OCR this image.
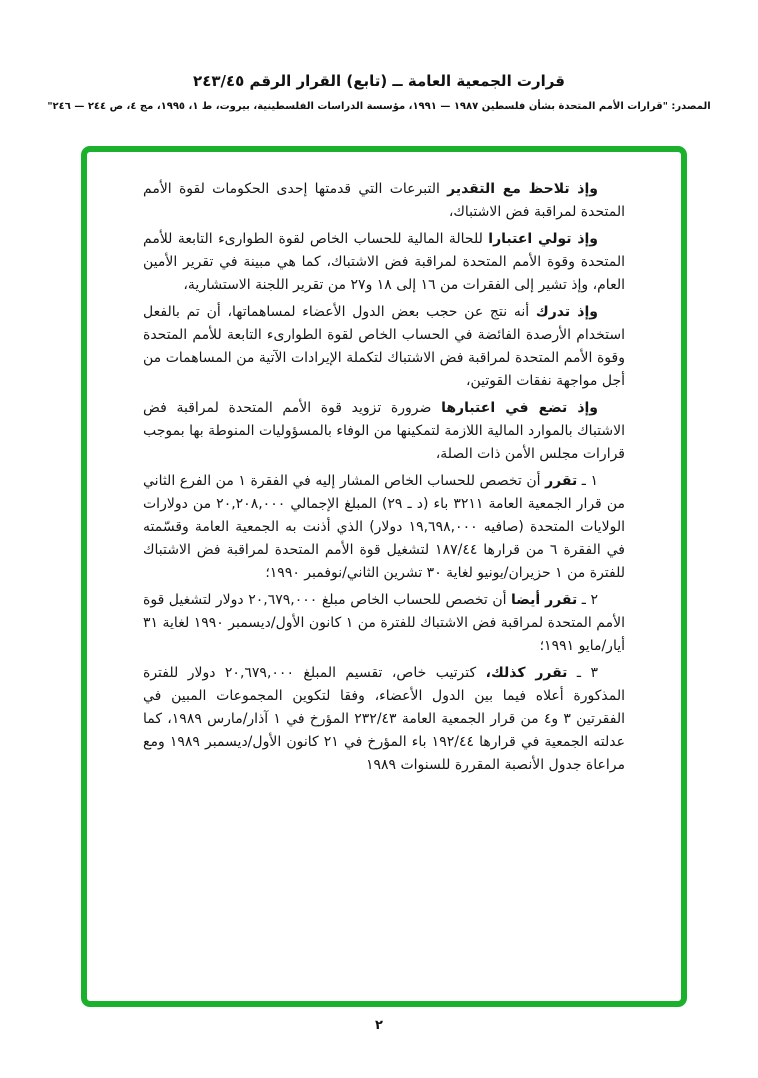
قرارت الجمعية العامة ــ (تابع) القرار الرقم ٢٤٣/٤٥
المصدر: "قرارات الأمم المتحدة بشأن فلسطين ١٩٨٧ — ١٩٩١، مؤسسة الدراسات الفلسطينية، بيروت، ط ١، ١٩٩٥، مج ٤، ص ٢٤٤ — ٢٤٦"

وإذ تلاحظ مع التقدير التبرعات التي قدمتها إحدى الحكومات لقوة الأمم المتحدة لمراقبة فض الاشتباك،

وإذ تولي اعتبارا للحالة المالية للحساب الخاص لقوة الطوارىء التابعة للأمم المتحدة وقوة الأمم المتحدة لمراقبة فض الاشتباك، كما هي مبينة في تقرير الأمين العام، وإذ تشير إلى الفقرات من ١٦ إلى ١٨ و٢٧ من تقرير اللجنة الاستشارية،

وإذ تدرك أنه نتج عن حجب بعض الدول الأعضاء لمساهماتها، أن تم بالفعل استخدام الأرصدة الفائضة في الحساب الخاص لقوة الطوارىء التابعة للأمم المتحدة وقوة الأمم المتحدة لمراقبة فض الاشتباك لتكملة الإيرادات الآتية من المساهمات من أجل مواجهة نفقات القوتين،

وإذ تضع في اعتبارها ضرورة تزويد قوة الأمم المتحدة لمراقبة فض الاشتباك بالموارد المالية اللازمة لتمكينها من الوفاء بالمسؤوليات المنوطة بها بموجب قرارات مجلس الأمن ذات الصلة،

١ ـ تقرر أن تخصص للحساب الخاص المشار إليه في الفقرة ١ من الفرع الثاني من قرار الجمعية العامة ٣٢١١ باء (د ـ ٢٩) المبلغ الإجمالي ٢٠,٢٠٨,٠٠٠ من دولارات الولايات المتحدة (صافيه ١٩,٦٩٨,٠٠٠ دولار) الذي أذنت به الجمعية العامة وقسّمته في الفقرة ٦ من قرارها ١٨٧/٤٤ لتشغيل قوة الأمم المتحدة لمراقبة فض الاشتباك للفترة من ١ حزيران/يونيو لغاية ٣٠ تشرين الثاني/نوفمبر ١٩٩٠؛

٢ ـ تقرر أيضا أن تخصص للحساب الخاص مبلغ ٢٠,٦٧٩,٠٠٠ دولار لتشغيل قوة الأمم المتحدة لمراقبة فض الاشتباك للفترة من ١ كانون الأول/ديسمبر ١٩٩٠ لغاية ٣١ أيار/مايو ١٩٩١؛

٣ ـ تقرر كذلك، كترتيب خاص، تقسيم المبلغ ٢٠,٦٧٩,٠٠٠ دولار للفترة المذكورة أعلاه فيما بين الدول الأعضاء، وفقا لتكوين المجموعات المبين في الفقرتين ٣ و٤ من قرار الجمعية العامة ٢٣٢/٤٣ المؤرخ في ١ آذار/مارس ١٩٨٩، كما عدلته الجمعية في قرارها ١٩٢/٤٤ باء المؤرخ في ٢١ كانون الأول/ديسمبر ١٩٨٩ ومع مراعاة جدول الأنصبة المقررة للسنوات ١٩٨٩

٢
